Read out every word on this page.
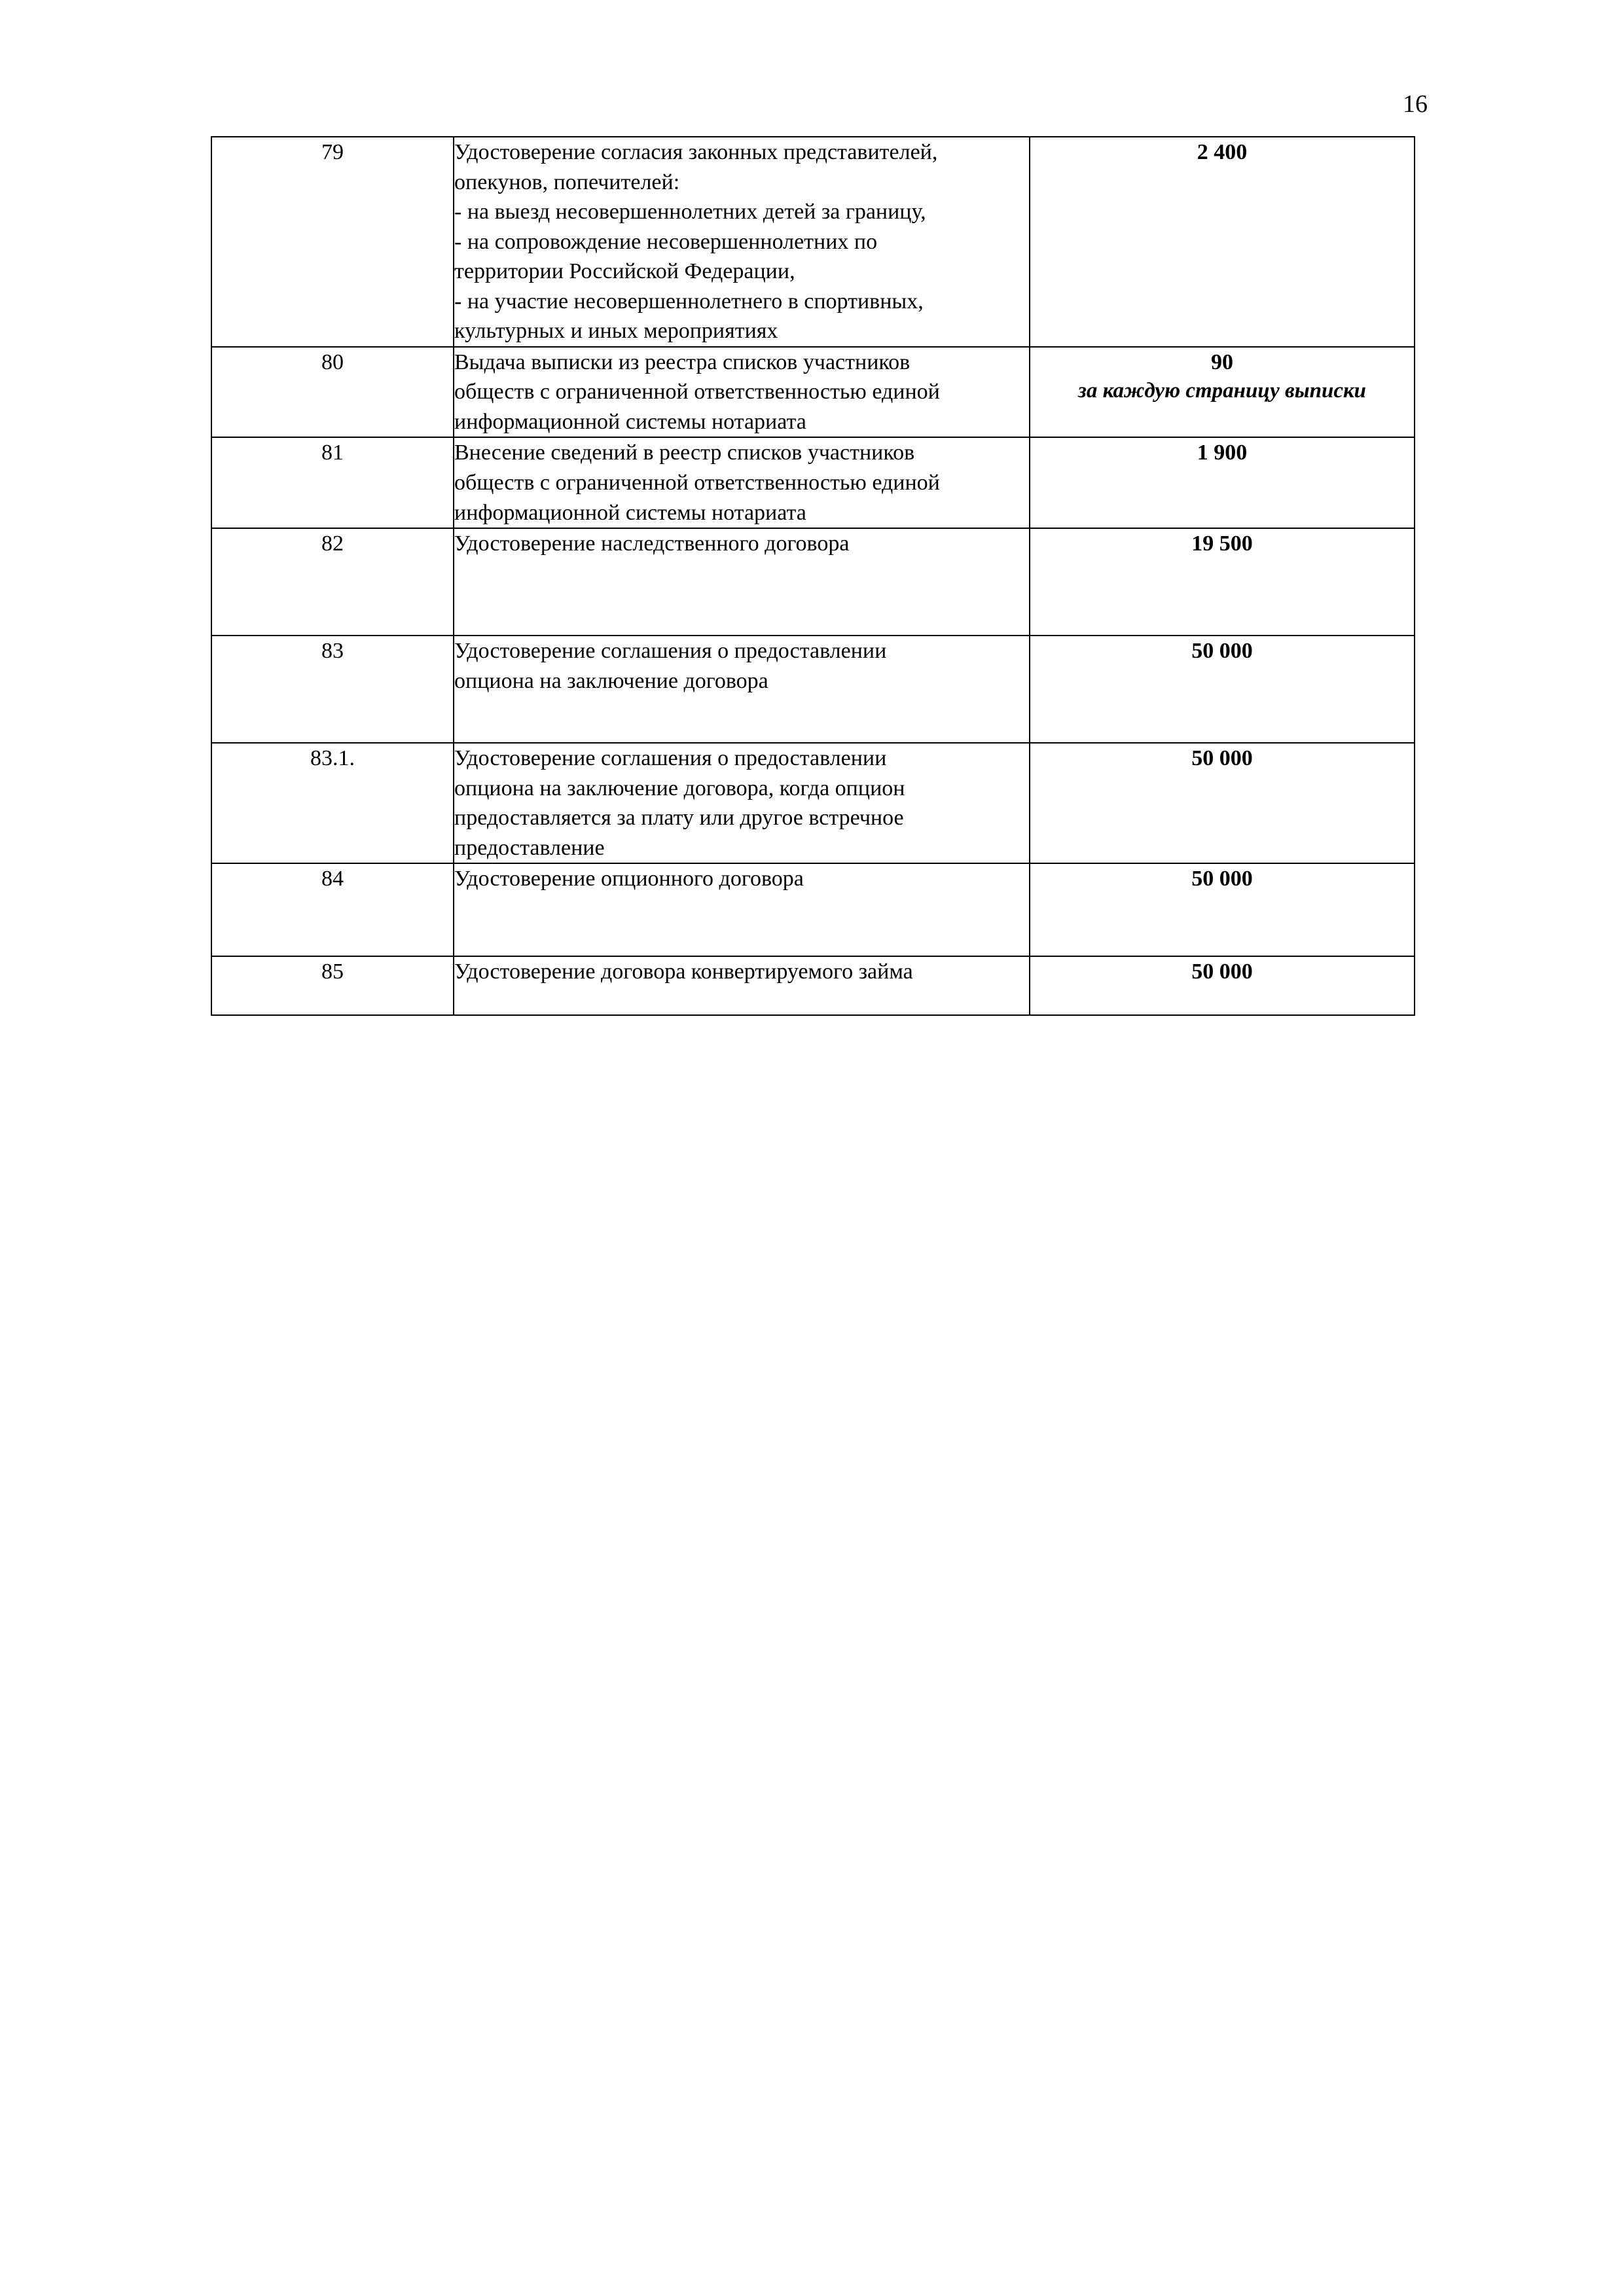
16
79	Удостоверение согласия законных представителей,
опекунов, попечителей:
- на выезд несовершеннолетних детей за границу,
- на сопровождение несовершеннолетних по
территории Российской Федерации,
- на участие несовершеннолетнего в спортивных,
культурных и иных мероприятиях
	2 400
80	Выдача выписки из реестра списков участников
обществ с ограниченной ответственностью единой
информационной системы нотариата	90
за каждую страницу выписки

81	Внесение сведений в реестр списков участников
обществ с ограниченной ответственностью единой
информационной системы нотариата	1 900
82	Удостоверение наследственного договора	19 500
83	Удостоверение соглашения о предоставлении
опциона на заключение договора	50 000
83.1.	Удостоверение соглашения о предоставлении
опциона на заключение договора, когда опцион
предоставляется за плату или другое встречное
предоставление	50 000
84	Удостоверение опционного договора	50 000
85	Удостоверение договора конвертируемого займа	50 000
